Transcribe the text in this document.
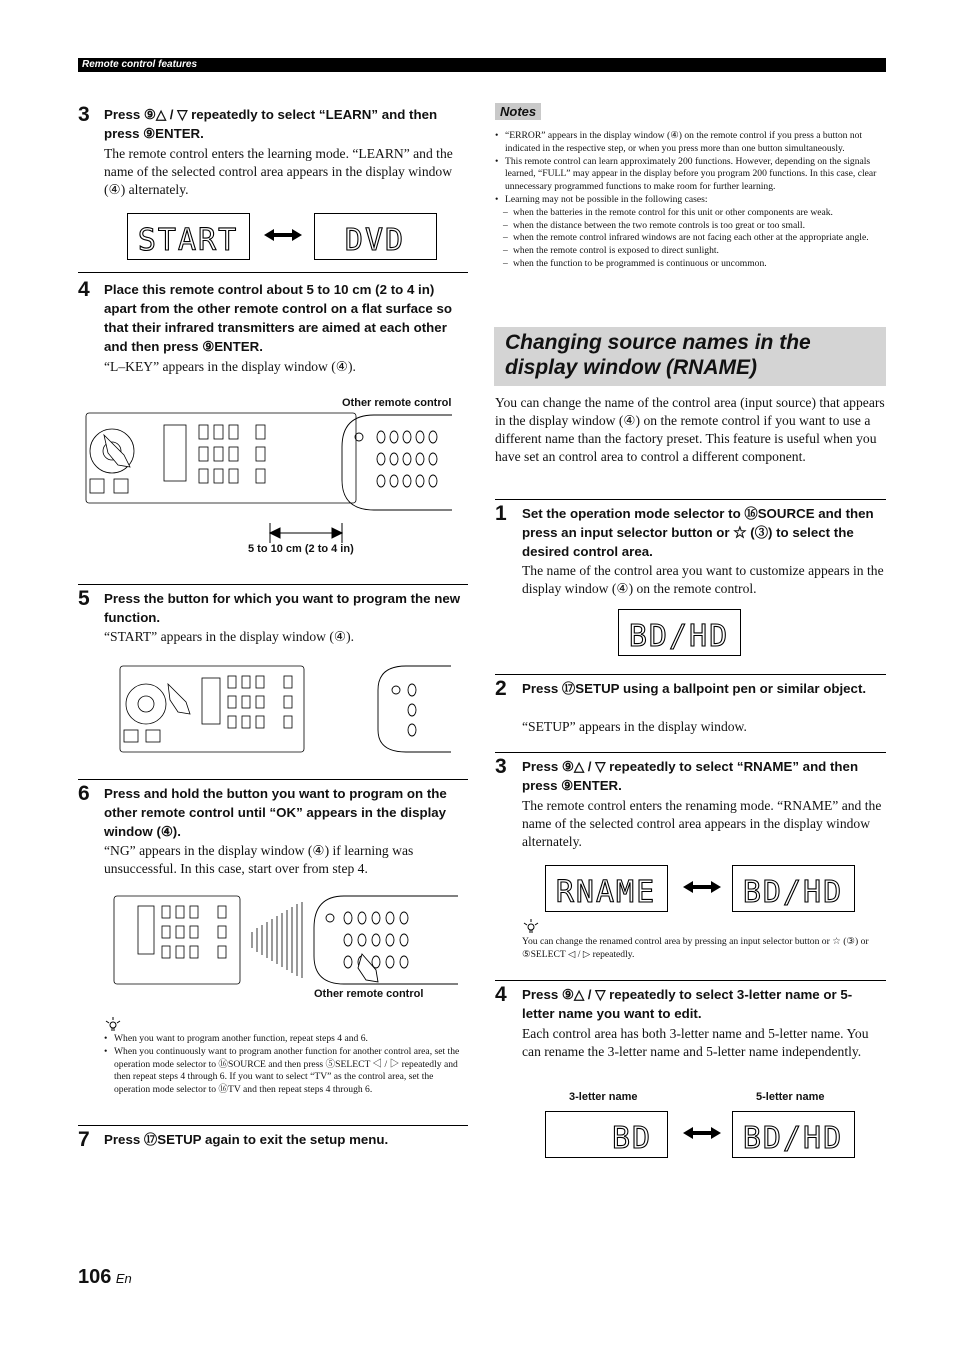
Remote control features
3 Press ⑨△ / ▽ repeatedly to select “LEARN” and then press ⑨ENTER.
The remote control enters the learning mode. “LEARN” and the name of the selected control area appears in the display window (④) alternately.
START	DVD
4 Place this remote control about 5 to 10 cm (2 to 4 in) apart from the other remote control on a flat surface so that their infrared transmitters are aimed at each other and then press ⑨ENTER.
“L–KEY” appears in the display window (④).
Other remote control
5 to 10 cm (2 to 4 in)
5 Press the button for which you want to program the new function.
“START” appears in the display window (④).
6 Press and hold the button you want to program on the other remote control until “OK” appears in the display window (④).
“NG” appears in the display window (④) if learning was unsuccessful. In this case, start over from step 4.
Other remote control
• When you want to program another function, repeat steps 4 and 6.
• When you continuously want to program another function for another control area, set the operation mode selector to ⑯SOURCE and then press ⑤SELECT ◁ / ▷ repeatedly and then repeat steps 4 through 6. If you want to select “TV” as the control area, set the operation mode selector to ⑯TV and then repeat steps 4 through 6.
7 Press ⑰SETUP again to exit the setup menu.
Notes
• “ERROR” appears in the display window (④) on the remote control if you press a button not indicated in the respective step, or when you press more than one button simultaneously.
• This remote control can learn approximately 200 functions. However, depending on the signals learned, “FULL” may appear in the display before you program 200 functions. In this case, clear unnecessary programmed functions to make room for further learning.
• Learning may not be possible in the following cases:
– when the batteries in the remote control for this unit or other components are weak.
– when the distance between the two remote controls is too great or too small.
– when the remote control infrared windows are not facing each other at the appropriate angle.
– when the remote control is exposed to direct sunlight.
– when the function to be programmed is continuous or uncommon.
Changing source names in the display window (RNAME)
You can change the name of the control area (input source) that appears in the display window (④) on the remote control if you want to use a different name than the factory preset. This feature is useful when you have set an control area to control a different component.
1 Set the operation mode selector to ⑯SOURCE and then press an input selector button or ☆ (③) to select the desired control area.
The name of the control area you want to customize appears in the display window (④) on the remote control.
BD/HD
2 Press ⑰SETUP using a ballpoint pen or similar object.
“SETUP” appears in the display window.
3 Press ⑨△ / ▽ repeatedly to select “RNAME” and then press ⑨ENTER.
The remote control enters the renaming mode. “RNAME” and the name of the selected control area appears in the display window alternately.
RNAME	BD/HD
You can change the renamed control area by pressing an input selector button or ☆ (③) or ⑤SELECT ◁ / ▷ repeatedly.
4 Press ⑨△ / ▽ repeatedly to select 3-letter name or 5-letter name you want to edit.
Each control area has both 3-letter name and 5-letter name. You can rename the 3-letter name and 5-letter name independently.
3-letter name	5-letter name
BD	BD/HD
106 En
